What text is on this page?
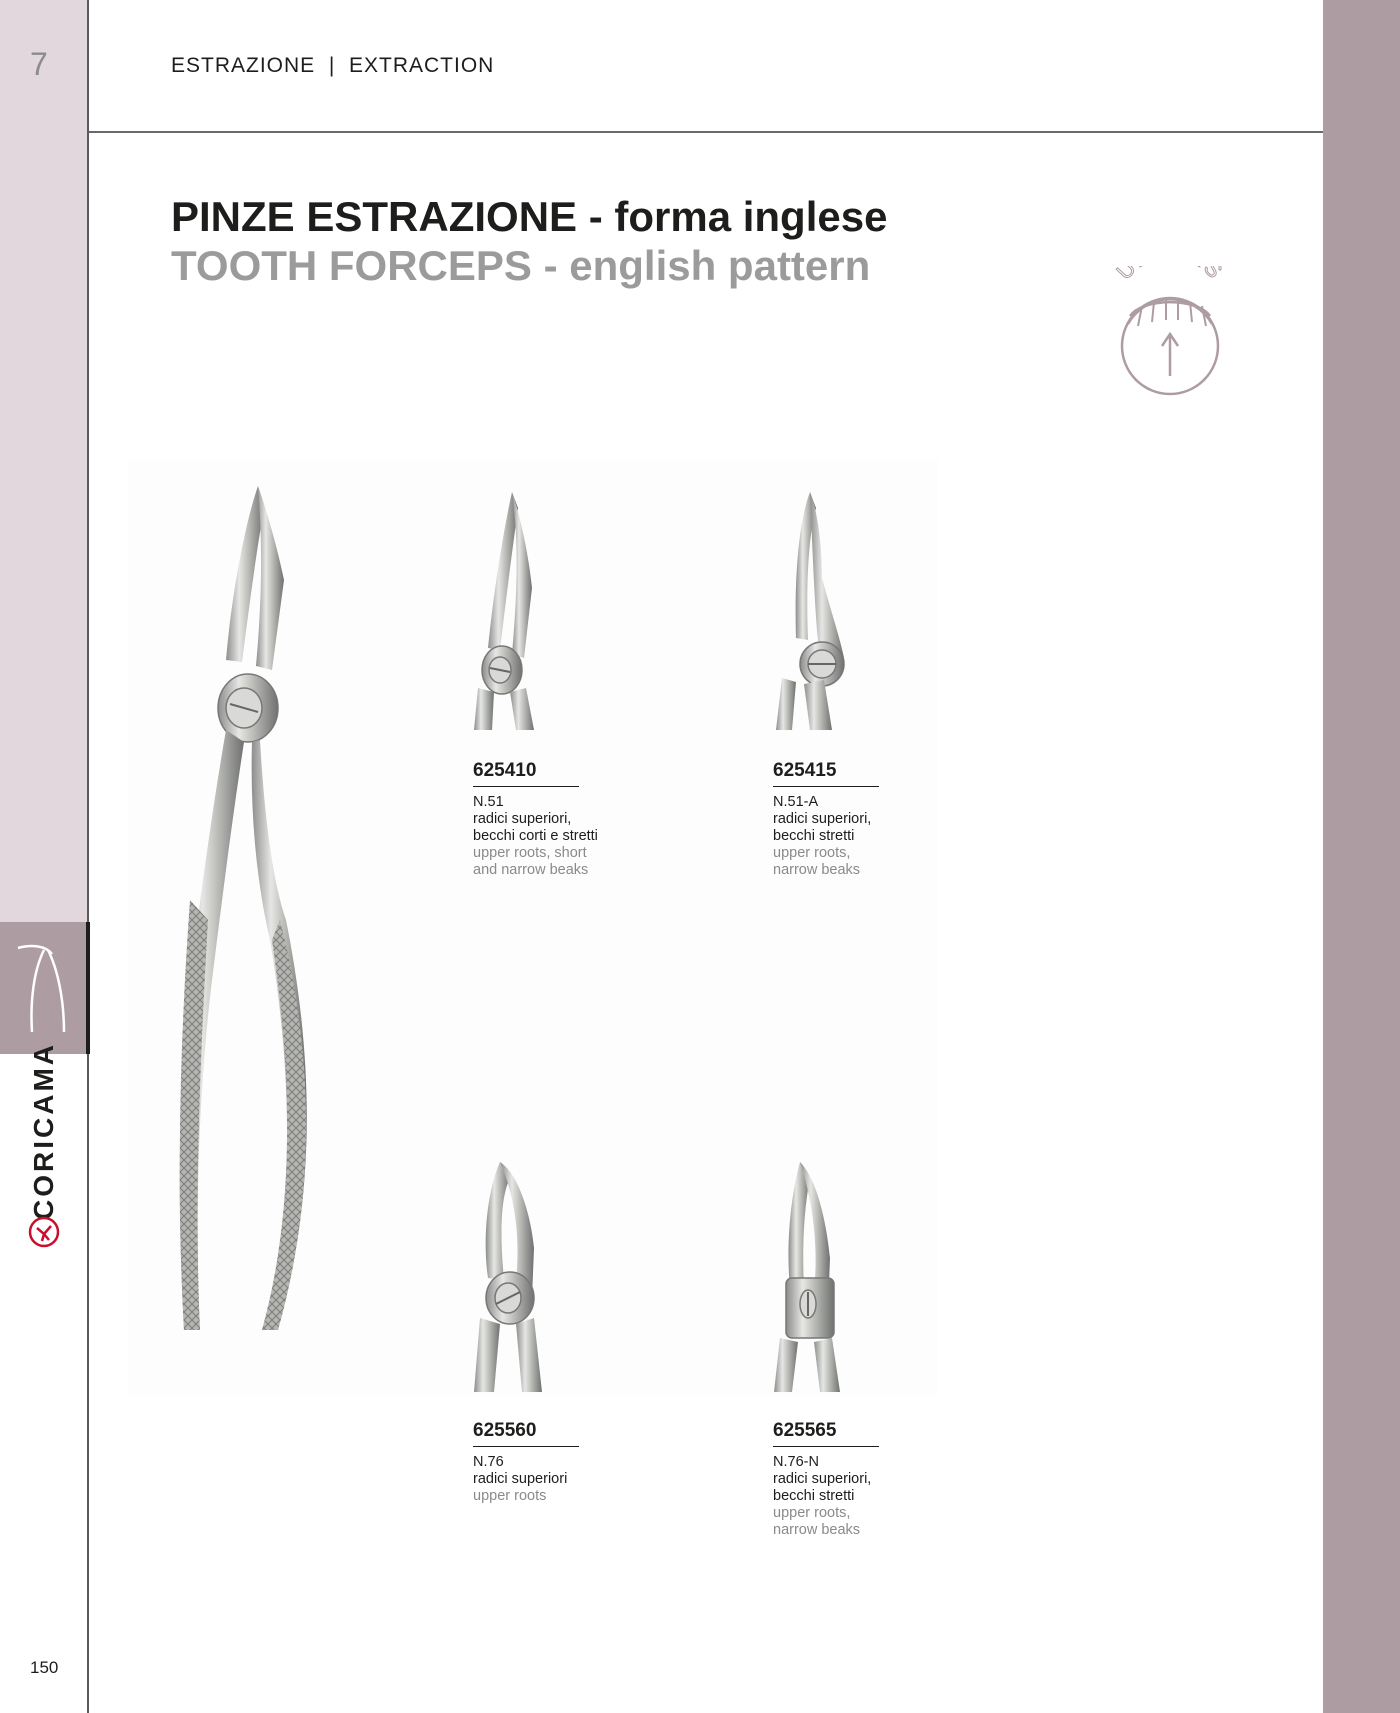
7
CORICAMA
150
ESTRAZIONE  |  EXTRACTION
PINZE ESTRAZIONE - forma inglese
TOOTH FORCEPS - english pattern	U S
625410
N.51
radici superiori,
becchi corti e stretti
upper roots, short
and narrow beaks
625415
N.51-A
radici superiori,
becchi stretti
upper roots,
narrow beaks
625560
N.76
radici superiori
upper roots
625565
N.76-N
radici superiori,
becchi stretti
upper roots,
narrow beaks
